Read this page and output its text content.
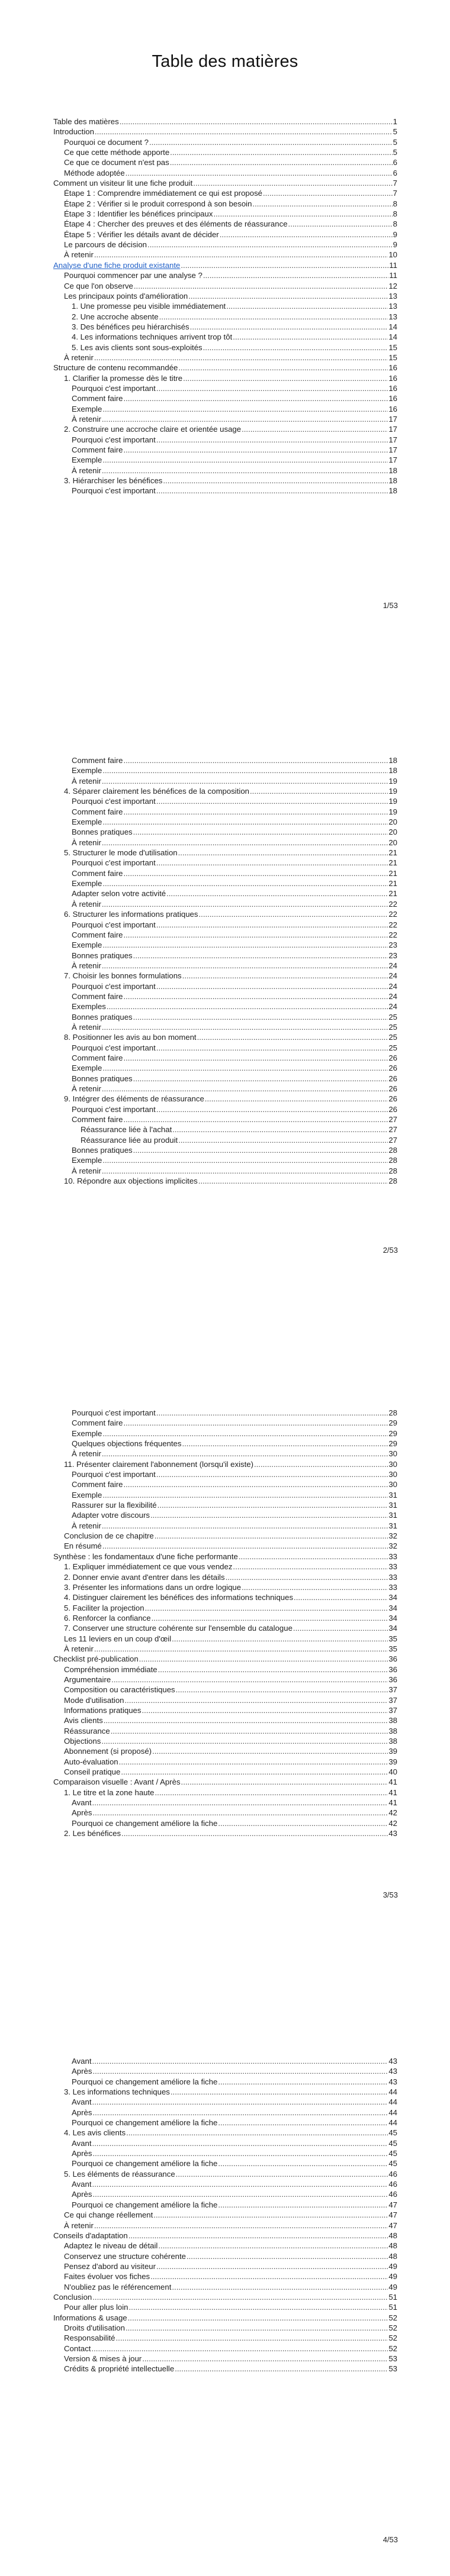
Table des matières
Table des matières .....	1
Introduction .....	5
Pourquoi ce document ? .....	5
Ce que cette méthode apporte .....	5
Ce que ce document n'est pas .....	6
Méthode adoptée .....	6
Comment un visiteur lit une fiche produit .....	7
Étape 1 : Comprendre immédiatement ce qui est proposé .....	7
Étape 2 : Vérifier si le produit correspond à son besoin .....	8
Étape 3 : Identifier les bénéfices principaux .....	8
Étape 4 : Chercher des preuves et des éléments de réassurance .....	8
Étape 5 : Vérifier les détails avant de décider .....	9
Le parcours de décision .....	9
À retenir .....	10
Analyse d'une fiche produit existante .....	11
Pourquoi commencer par une analyse ? .....	11
Ce que l'on observe .....	12
Les principaux points d'amélioration .....	13
1. Une promesse peu visible immédiatement .....	13
2. Une accroche absente .....	13
3. Des bénéfices peu hiérarchisés .....	14
4. Les informations techniques arrivent trop tôt .....	14
5. Les avis clients sont sous-exploités .....	15
À retenir .....	15
Structure de contenu recommandée .....	16
1. Clarifier la promesse dès le titre .....	16
Pourquoi c'est important .....	16
Comment faire .....	16
Exemple .....	16
À retenir .....	17
2. Construire une accroche claire et orientée usage .....	17
Pourquoi c'est important .....	17
Comment faire .....	17
Exemple .....	17
À retenir .....	18
3. Hiérarchiser les bénéfices .....	18
Pourquoi c'est important .....	18
1/53
Comment faire .....	18
Exemple .....	18
À retenir .....	19
4. Séparer clairement les bénéfices de la composition .....	19
Pourquoi c'est important .....	19
Comment faire .....	19
Exemple .....	20
Bonnes pratiques .....	20
À retenir .....	20
5. Structurer le mode d'utilisation .....	21
Pourquoi c'est important .....	21
Comment faire .....	21
Exemple .....	21
Adapter selon votre activité .....	21
À retenir .....	22
6. Structurer les informations pratiques .....	22
Pourquoi c'est important .....	22
Comment faire .....	22
Exemple .....	23
Bonnes pratiques .....	23
À retenir .....	24
7. Choisir les bonnes formulations .....	24
Pourquoi c'est important .....	24
Comment faire .....	24
Exemples .....	24
Bonnes pratiques .....	25
À retenir .....	25
8. Positionner les avis au bon moment .....	25
Pourquoi c'est important .....	25
Comment faire .....	26
Exemple .....	26
Bonnes pratiques .....	26
À retenir .....	26
9. Intégrer des éléments de réassurance .....	26
Pourquoi c'est important .....	26
Comment faire .....	27
Réassurance liée à l'achat .....	27
Réassurance liée au produit .....	27
Bonnes pratiques .....	28
Exemple .....	28
À retenir .....	28
10. Répondre aux objections implicites .....	28
2/53
Pourquoi c'est important .....	28
Comment faire .....	29
Exemple .....	29
Quelques objections fréquentes .....	29
À retenir .....	30
11. Présenter clairement l'abonnement (lorsqu'il existe) .....	30
Pourquoi c'est important .....	30
Comment faire .....	30
Exemple .....	31
Rassurer sur la flexibilité .....	31
Adapter votre discours .....	31
À retenir .....	31
Conclusion de ce chapitre .....	32
En résumé .....	32
Synthèse : les fondamentaux d'une fiche performante .....	33
1. Expliquer immédiatement ce que vous vendez .....	33
2. Donner envie avant d'entrer dans les détails .....	33
3. Présenter les informations dans un ordre logique .....	33
4. Distinguer clairement les bénéfices des informations techniques .....	34
5. Faciliter la projection .....	34
6. Renforcer la confiance .....	34
7. Conserver une structure cohérente sur l'ensemble du catalogue .....	34
Les 11 leviers en un coup d'œil .....	35
À retenir .....	35
Checklist pré-publication .....	36
Compréhension immédiate .....	36
Argumentaire .....	36
Composition ou caractéristiques .....	37
Mode d'utilisation .....	37
Informations pratiques .....	37
Avis clients .....	38
Réassurance .....	38
Objections .....	38
Abonnement (si proposé) .....	39
Auto-évaluation .....	39
Conseil pratique .....	40
Comparaison visuelle : Avant / Après .....	41
1. Le titre et la zone haute .....	41
Avant .....	41
Après .....	42
Pourquoi ce changement améliore la fiche .....	42
2. Les bénéfices .....	43
3/53
Avant .....	43
Après .....	43
Pourquoi ce changement améliore la fiche .....	43
3. Les informations techniques .....	44
Avant .....	44
Après .....	44
Pourquoi ce changement améliore la fiche .....	44
4. Les avis clients .....	45
Avant .....	45
Après .....	45
Pourquoi ce changement améliore la fiche .....	45
5. Les éléments de réassurance .....	46
Avant .....	46
Après .....	46
Pourquoi ce changement améliore la fiche .....	47
Ce qui change réellement .....	47
À retenir .....	47
Conseils d'adaptation .....	48
Adaptez le niveau de détail .....	48
Conservez une structure cohérente .....	48
Pensez d'abord au visiteur .....	49
Faites évoluer vos fiches .....	49
N'oubliez pas le référencement .....	49
Conclusion .....	51
Pour aller plus loin .....	51
Informations & usage .....	52
Droits d'utilisation .....	52
Responsabilité .....	52
Contact .....	52
Version & mises à jour .....	53
Crédits & propriété intellectuelle .....	53
4/53
